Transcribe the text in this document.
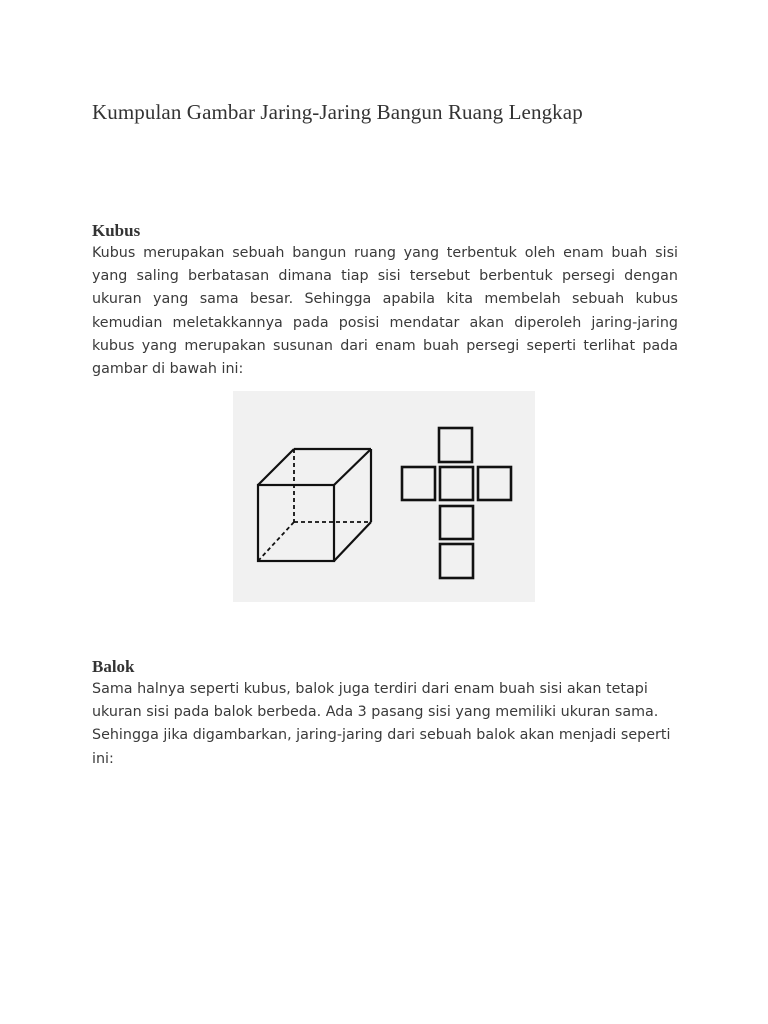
Kumpulan Gambar Jaring-Jaring Bangun Ruang Lengkap
Kubus

Kubus merupakan sebuah bangun ruang yang terbentuk oleh enam buah sisi yang saling berbatasan dimana tiap sisi tersebut berbentuk persegi dengan ukuran yang sama besar. Sehingga apabila kita membelah sebuah kubus kemudian meletakkannya pada posisi mendatar akan diperoleh jaring-jaring kubus yang merupakan susunan dari enam buah persegi seperti terlihat pada gambar di bawah ini:

Balok

Sama halnya seperti kubus, balok juga terdiri dari enam buah sisi akan tetapi ukuran sisi pada balok berbeda. Ada 3 pasang sisi yang memiliki ukuran sama. Sehingga jika digambarkan, jaring-jaring dari sebuah balok akan menjadi seperti ini:
